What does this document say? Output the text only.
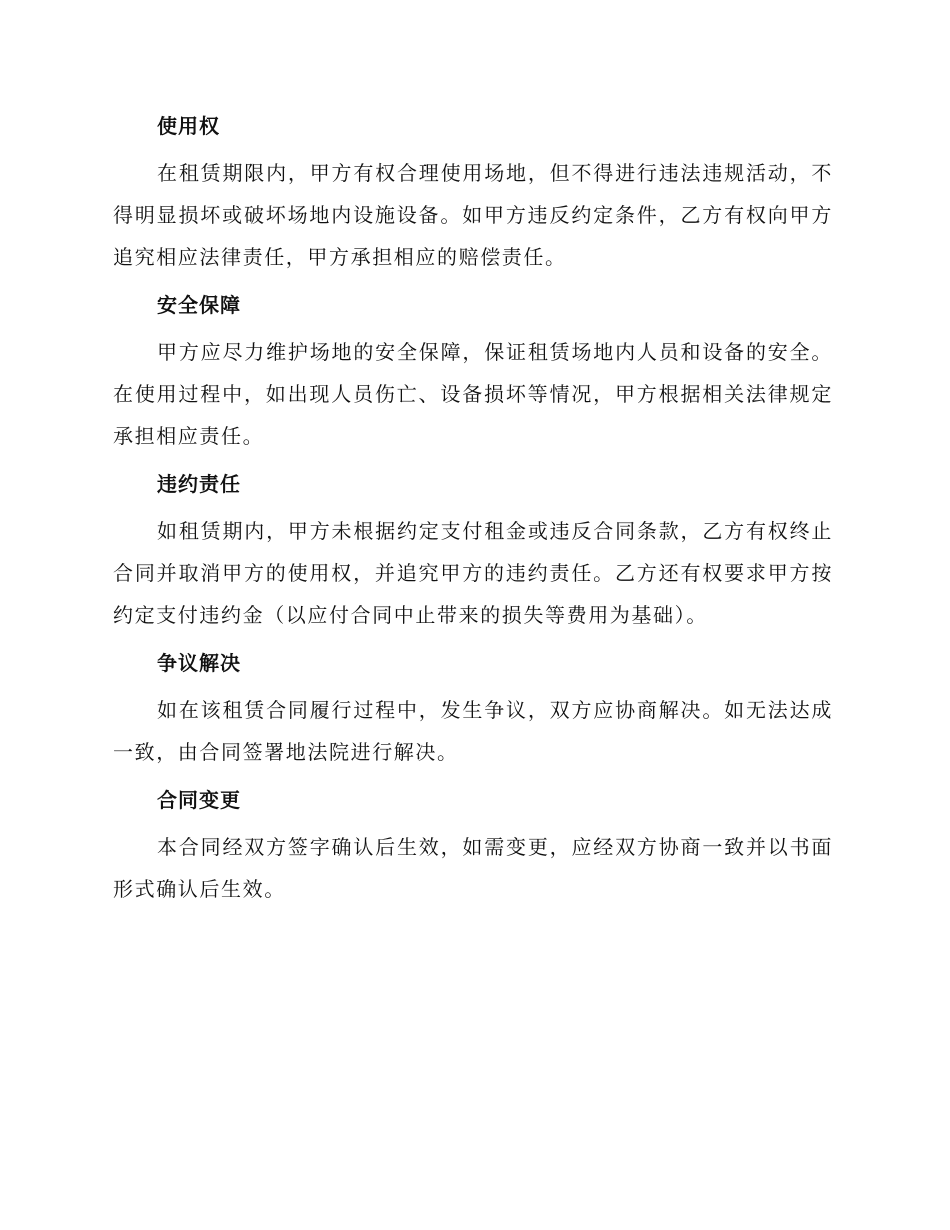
使用权

在租赁期限内，甲方有权合理使用场地，但不得进行违法违规活动，不得明显损坏或破坏场地内设施设备。如甲方违反约定条件，乙方有权向甲方追究相应法律责任，甲方承担相应的赔偿责任。

安全保障

甲方应尽力维护场地的安全保障，保证租赁场地内人员和设备的安全。在使用过程中，如出现人员伤亡、设备损坏等情况，甲方根据相关法律规定承担相应责任。

违约责任

如租赁期内，甲方未根据约定支付租金或违反合同条款，乙方有权终止合同并取消甲方的使用权，并追究甲方的违约责任。乙方还有权要求甲方按约定支付违约金（以应付合同中止带来的损失等费用为基础）。

争议解决

如在该租赁合同履行过程中，发生争议，双方应协商解决。如无法达成一致，由合同签署地法院进行解决。

合同变更

本合同经双方签字确认后生效，如需变更，应经双方协商一致并以书面形式确认后生效。
